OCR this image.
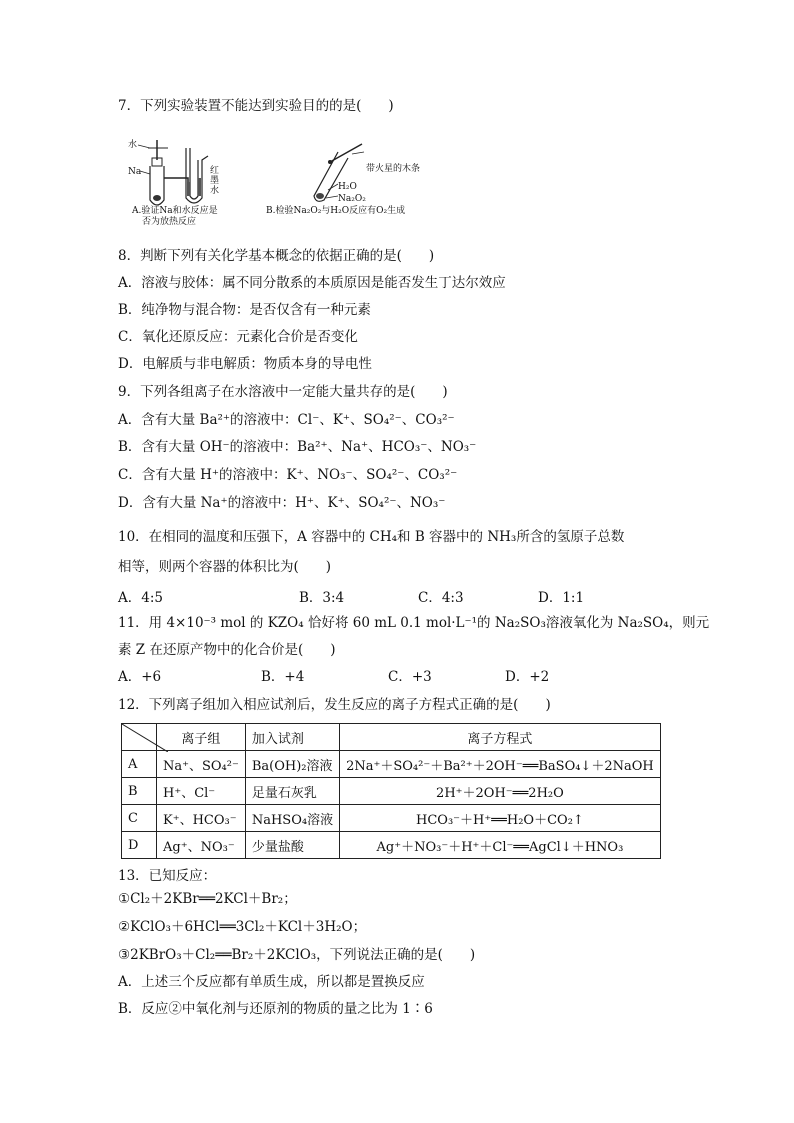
7．下列实验装置不能达到实验目的的是(　　)
水
Na	红墨水
A.验证Na和水反应是
否为放热反应
带火星的木条
H₂O
Na₂O₂
B.检验Na₂O₂与H₂O反应有O₂生成
8．判断下列有关化学基本概念的依据正确的是(　　)
A．溶液与胶体：属不同分散系的本质原因是能否发生丁达尔效应
B．纯净物与混合物：是否仅含有一种元素
C．氧化还原反应：元素化合价是否变化
D．电解质与非电解质：物质本身的导电性
9．下列各组离子在水溶液中一定能大量共存的是(　　)
A．含有大量 Ba²⁺的溶液中：Cl⁻、K⁺、SO₄²⁻、CO₃²⁻
B．含有大量 OH⁻的溶液中：Ba²⁺、Na⁺、HCO₃⁻、NO₃⁻
C．含有大量 H⁺的溶液中：K⁺、NO₃⁻、SO₄²⁻、CO₃²⁻
D．含有大量 Na⁺的溶液中：H⁺、K⁺、SO₄²⁻、NO₃⁻
10．在相同的温度和压强下，A 容器中的 CH₄和 B 容器中的 NH₃所含的氢原子总数
相等，则两个容器的体积比为(　　)
A．4:5	B．3:4	C．4:3	D．1:1
11．用 4×10⁻³ mol 的 KZO₄ 恰好将 60 mL 0.1 mol·L⁻¹的 Na₂SO₃溶液氧化为 Na₂SO₄，则元
素 Z 在还原产物中的化合价是(　　)
A．+6	B．+4	C．+3	D．+2
12．下列离子组加入相应试剂后，发生反应的离子方程式正确的是(　　)
	离子组	加入试剂	离子方程式
A	Na⁺、SO₄²⁻	Ba(OH)₂溶液	2Na⁺＋SO₄²⁻＋Ba²⁺＋2OH⁻══BaSO₄↓＋2NaOH
B	H⁺、Cl⁻	足量石灰乳	2H⁺＋2OH⁻══2H₂O
C	K⁺、HCO₃⁻	NaHSO₄溶液	HCO₃⁻＋H⁺══H₂O＋CO₂↑
D	Ag⁺、NO₃⁻	少量盐酸	Ag⁺＋NO₃⁻＋H⁺＋Cl⁻══AgCl↓＋HNO₃
13．已知反应：
①Cl₂＋2KBr══2KCl＋Br₂；
②KClO₃＋6HCl══3Cl₂＋KCl＋3H₂O；
③2KBrO₃＋Cl₂══Br₂＋2KClO₃，下列说法正确的是(　　)
A．上述三个反应都有单质生成，所以都是置换反应
B．反应②中氧化剂与还原剂的物质的量之比为 1∶6
